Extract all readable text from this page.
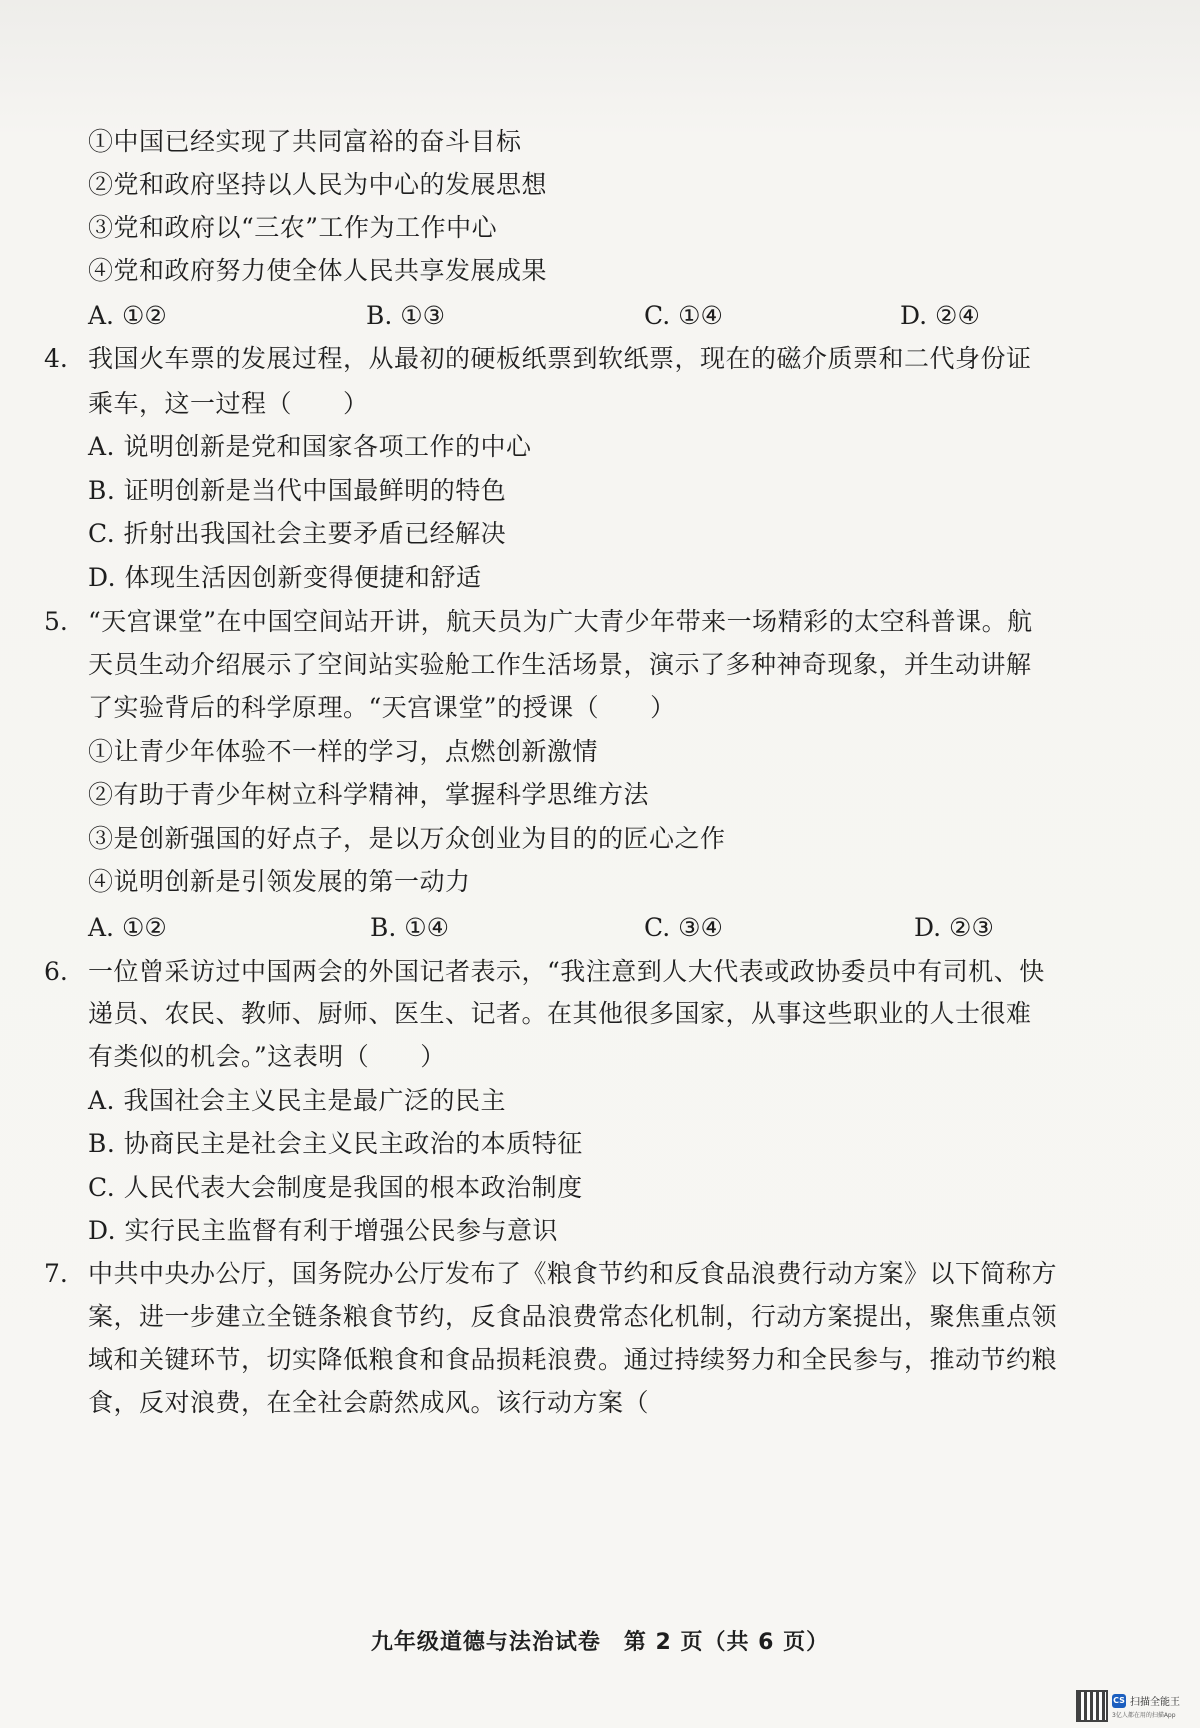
①中国已经实现了共同富裕的奋斗目标
②党和政府坚持以人民为中心的发展思想
③党和政府以“三农”工作为工作中心
④党和政府努力使全体人民共享发展成果
A. ①②	B. ①③	C. ①④	D. ②④
4. 我国火车票的发展过程，从最初的硬板纸票到软纸票，现在的磁介质票和二代身份证
乘车，这一过程（　　）
A. 说明创新是党和国家各项工作的中心
B. 证明创新是当代中国最鲜明的特色
C. 折射出我国社会主要矛盾已经解决
D. 体现生活因创新变得便捷和舒适
5. “天宫课堂”在中国空间站开讲，航天员为广大青少年带来一场精彩的太空科普课。航
天员生动介绍展示了空间站实验舱工作生活场景，演示了多种神奇现象，并生动讲解
了实验背后的科学原理。“天宫课堂”的授课（　　）
①让青少年体验不一样的学习，点燃创新激情
②有助于青少年树立科学精神，掌握科学思维方法
③是创新强国的好点子，是以万众创业为目的的匠心之作
④说明创新是引领发展的第一动力
A. ①②	B. ①④	C. ③④	D. ②③
6. 一位曾采访过中国两会的外国记者表示，“我注意到人大代表或政协委员中有司机、快
递员、农民、教师、厨师、医生、记者。在其他很多国家，从事这些职业的人士很难
有类似的机会。”这表明（　　）
A. 我国社会主义民主是最广泛的民主
B. 协商民主是社会主义民主政治的本质特征
C. 人民代表大会制度是我国的根本政治制度
D. 实行民主监督有利于增强公民参与意识
7. 中共中央办公厅，国务院办公厅发布了《粮食节约和反食品浪费行动方案》以下简称方
案，进一步建立全链条粮食节约，反食品浪费常态化机制，行动方案提出，聚焦重点领
域和关键环节，切实降低粮食和食品损耗浪费。通过持续努力和全民参与，推动节约粮
食，反对浪费，在全社会蔚然成风。该行动方案（
九年级道德与法治试卷　第 2 页（共 6 页）
CS 扫描全能王
3亿人都在用的扫描App
